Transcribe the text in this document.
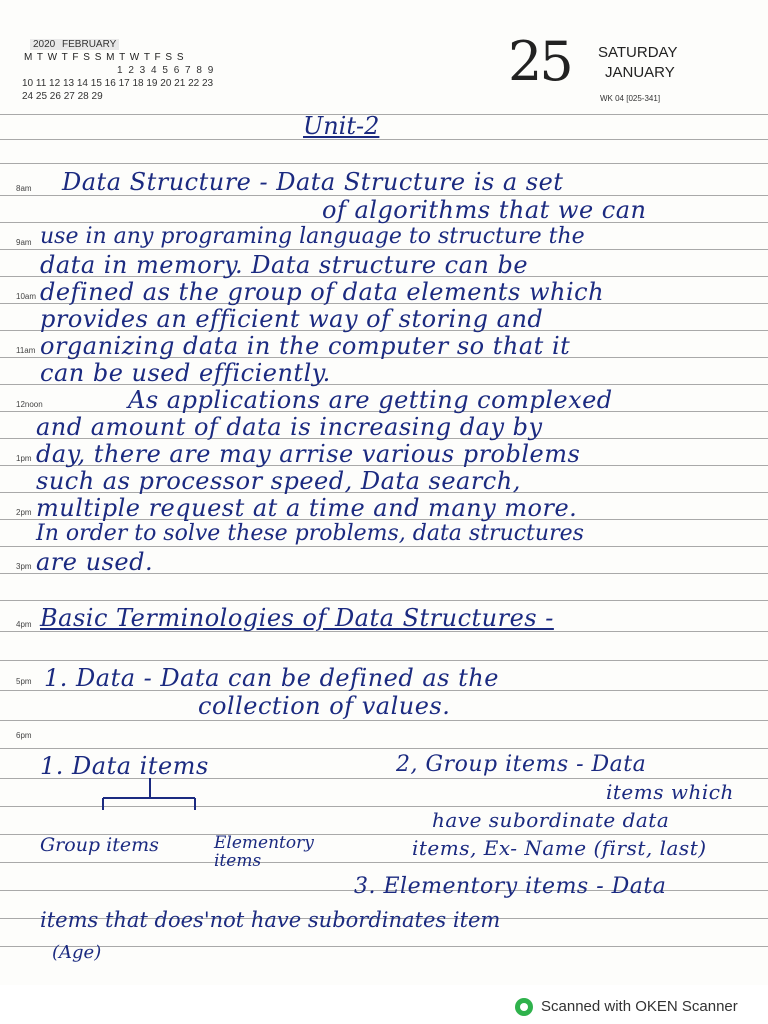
2020 FEBRUARY
M T W T F S S M T W T F S S
1 2 3 4 5 6 7 8 9
10 11 12 13 14 15 16 17 18 19 20 21 22 23
24 25 26 27 28 29
25 SATURDAY
JANUARY
WK 04 [025-341]
8am
9am
10am
11am
12noon
1pm
2pm
3pm
4pm
5pm
6pm
Unit-2
Data Structure - Data Structure is a set
of algorithms that we can
use in any programing language to structure the
data in memory. Data structure can be
defined as the group of data elements which
provides an efficient way of storing and
organizing data in the computer so that it
can be used efficiently.
As applications are getting complexed
and amount of data is increasing day by
day, there are may arrise various problems
such as processor speed, Data search,
multiple request at a time and many more.
In order to solve these problems, data structures
are used.
Basic Terminologies of Data Structures -
1. Data - Data can be defined as the
collection of values.
1. Data items
Group items	Elementory items
2, Group items - Data
items which
have subordinate data
items, Ex- Name (first, last)
3. Elementory items - Data
items that does'not have subordinates item
(Age)
Scanned with OKEN Scanner
